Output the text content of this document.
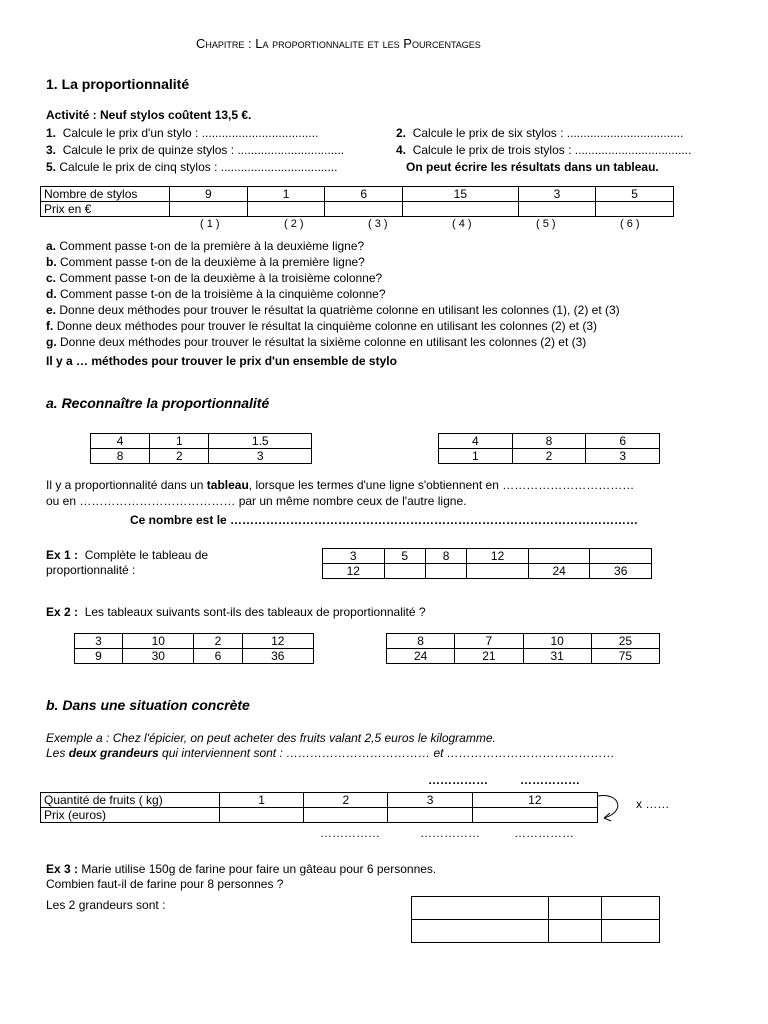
Chapitre : La proportionnalite et les Pourcentages
1. La proportionnalité
Activité : Neuf stylos coûtent 13,5 €.
1. Calcule le prix d'un stylo : ...................................	2. Calcule le prix de six stylos : ...................................
3. Calcule le prix de quinze stylos : ................................	4. Calcule le prix de trois stylos : ...................................
5. Calcule le prix de cinq stylos : ...................................	On peut écrire les résultats dans un tableau.
Nombre de stylos	9	1	6	15	3	5
Prix en €						
( 1 )	( 2 )	( 3 )	( 4 )	( 5 )	( 6 )
a. Comment passe t-on de la première à la deuxième ligne?
b. Comment passe t-on de la deuxième à la première ligne?
c. Comment passe t-on de la deuxième à la troisième colonne?
d. Comment passe t-on de la troisième à la cinquième colonne?
e. Donne deux méthodes pour trouver le résultat la quatrième colonne en utilisant les colonnes (1), (2) et (3)
f. Donne deux méthodes pour trouver le résultat la cinquième colonne en utilisant les colonnes (2) et (3)
g. Donne deux méthodes pour trouver le résultat la sixième colonne en utilisant les colonnes (2) et (3)
Il y a … méthodes pour trouver le prix d'un ensemble de stylo
a. Reconnaître la proportionnalité
4	1	1.5
8	2	3
4	8	6
1	2	3
Il y a proportionnalité dans un tableau, lorsque les termes d'une ligne s'obtiennent en ……………………………
ou en ………………………………… par un même nombre ceux de l'autre ligne.
Ce nombre est le …………………………………………………………………………………………
Ex 1 : Complète le tableau de
proportionnalité :
3	5	8	12		
12				24	36
Ex 2 : Les tableaux suivants sont-ils des tableaux de proportionnalité ?
3	10	2	12
9	30	6	36
8	7	10	25
24	21	31	75
b. Dans une situation concrète
Exemple a : Chez l'épicier, on peut acheter des fruits valant 2,5 euros le kilogramme.
Les deux grandeurs qui interviennent sont : ……………………………… et ……………………………………
……………	……………
Quantité de fruits ( kg)	1	2	3	12
Prix (euros)				
x ……
……………	……………	……………
Ex 3 : Marie utilise 150g de farine pour faire un gâteau pour 6 personnes.
Combien faut-il de farine pour 8 personnes ?
Les 2 grandeurs sont :
